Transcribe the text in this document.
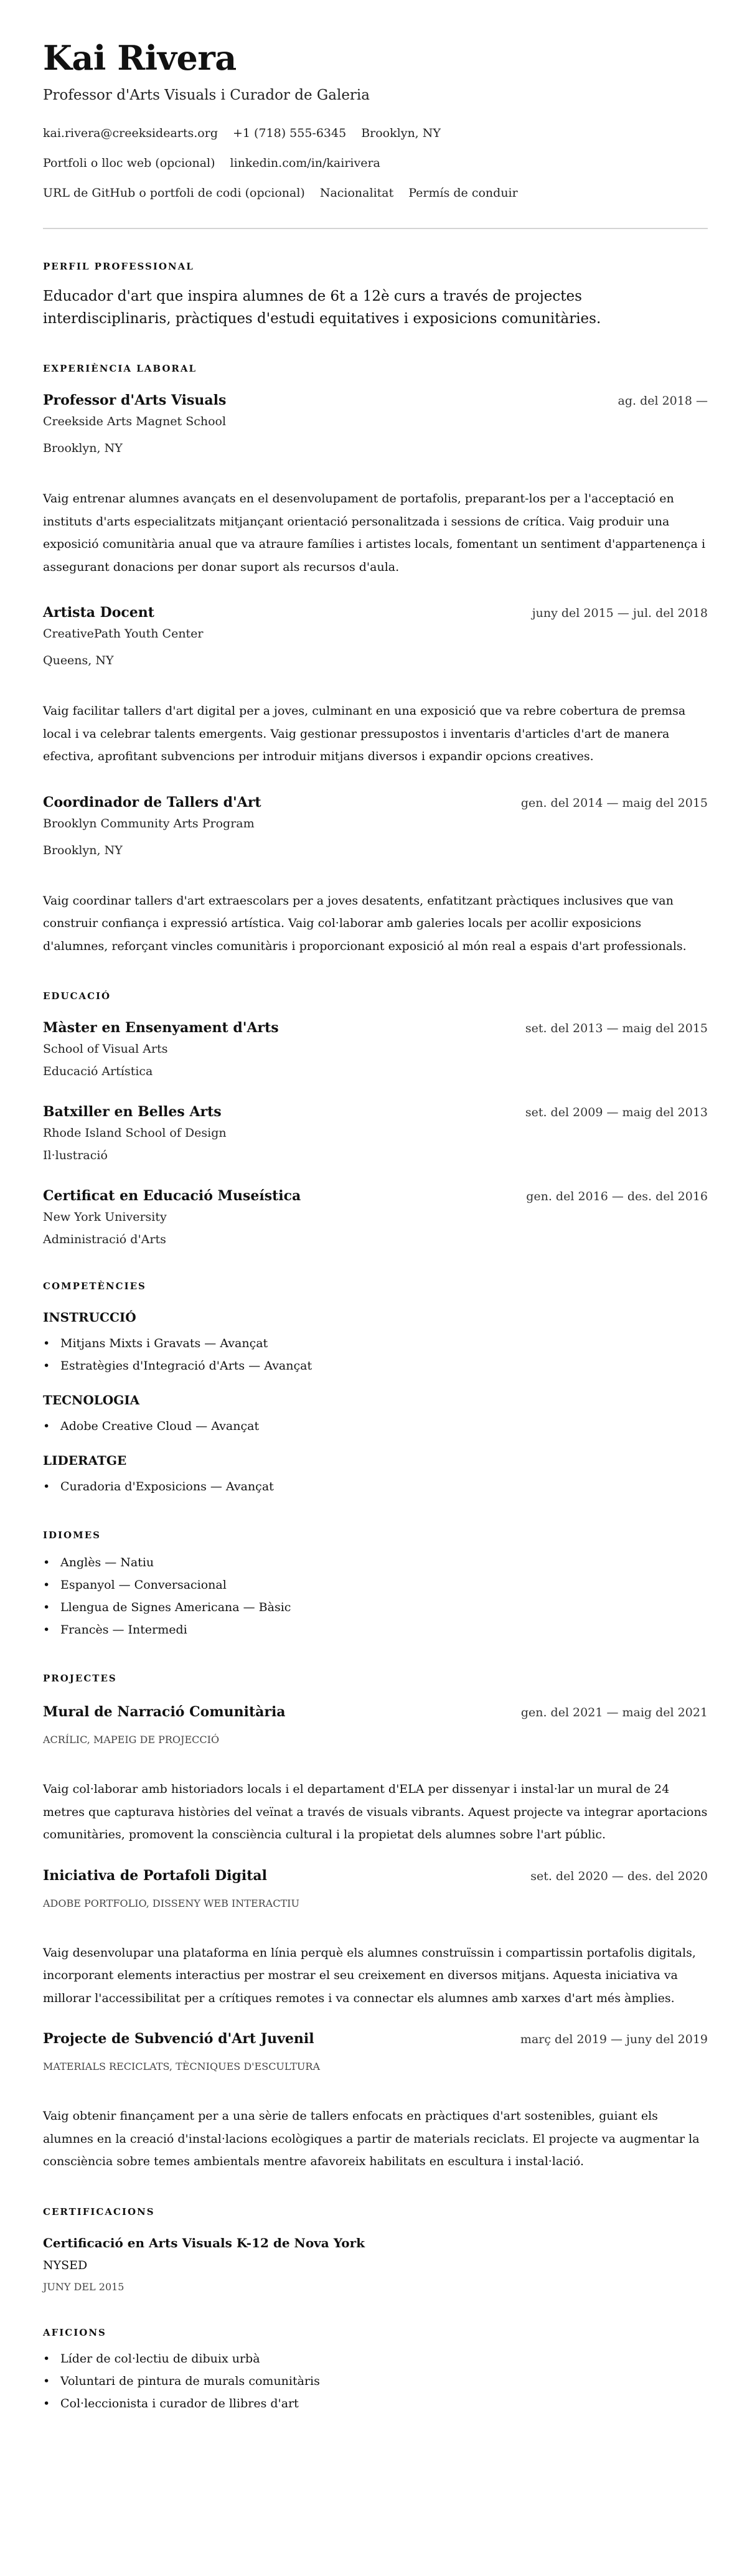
Kai Rivera
Professor d'Arts Visuals i Curador de Galeria
kai.rivera@creeksidearts.org +1 (718) 555-6345 Brooklyn, NY
Portfoli o lloc web (opcional) linkedin.com/in/kairivera
URL de GitHub o portfoli de codi (opcional) Nacionalitat Permís de conduir
PERFIL PROFESSIONAL

Educador d'art que inspira alumnes de 6t a 12è curs a través de projectes interdisciplinaris, pràctiques d'estudi equitatives i exposicions comunitàries.

EXPERIÈNCIA LABORAL
Professor d'Arts Visuals	ag. del 2018 —
Creekside Arts Magnet School
Brooklyn, NY
Vaig entrenar alumnes avançats en el desenvolupament de portafolis, preparant-los per a l'acceptació en instituts d'arts especialitzats mitjançant orientació personalitzada i sessions de crítica. Vaig produir una exposició comunitària anual que va atraure famílies i artistes locals, fomentant un sentiment d'appartenença i assegurant donacions per donar suport als recursos d'aula.
Artista Docent	juny del 2015 — jul. del 2018
CreativePath Youth Center
Queens, NY
Vaig facilitar tallers d'art digital per a joves, culminant en una exposició que va rebre cobertura de premsa local i va celebrar talents emergents. Vaig gestionar pressupostos i inventaris d'articles d'art de manera efectiva, aprofitant subvencions per introduir mitjans diversos i expandir opcions creatives.
Coordinador de Tallers d'Art	gen. del 2014 — maig del 2015
Brooklyn Community Arts Program
Brooklyn, NY
Vaig coordinar tallers d'art extraescolars per a joves desatents, enfatitzant pràctiques inclusives que van construir confiança i expressió artística. Vaig col·laborar amb galeries locals per acollir exposicions d'alumnes, reforçant vincles comunitàris i proporcionant exposició al món real a espais d'art professionals.
EDUCACIÓ
Màster en Ensenyament d'Arts	set. del 2013 — maig del 2015
School of Visual Arts
Educació Artística
Batxiller en Belles Arts	set. del 2009 — maig del 2013
Rhode Island School of Design
Il·lustració
Certificat en Educació Museística	gen. del 2016 — des. del 2016
New York University
Administració d'Arts
COMPETÈNCIES
INSTRUCCIÓ
• Mitjans Mixts i Gravats — Avançat
• Estratègies d'Integració d'Arts — Avançat
TECNOLOGIA
• Adobe Creative Cloud — Avançat
LIDERATGE
• Curadoria d'Exposicions — Avançat
IDIOMES
• Anglès — Natiu
• Espanyol — Conversacional
• Llengua de Signes Americana — Bàsic
• Francès — Intermedi
PROJECTES
Mural de Narració Comunitària	gen. del 2021 — maig del 2021
ACRÍLIC, MAPEIG DE PROJECCIÓ
Vaig col·laborar amb historiadors locals i el departament d'ELA per dissenyar i instal·lar un mural de 24 metres que capturava històries del veïnat a través de visuals vibrants. Aquest projecte va integrar aportacions comunitàries, promovent la consciència cultural i la propietat dels alumnes sobre l'art públic.
Iniciativa de Portafoli Digital	set. del 2020 — des. del 2020
ADOBE PORTFOLIO, DISSENY WEB INTERACTIU
Vaig desenvolupar una plataforma en línia perquè els alumnes construïssin i compartissin portafolis digitals, incorporant elements interactius per mostrar el seu creixement en diversos mitjans. Aquesta iniciativa va millorar l'accessibilitat per a crítiques remotes i va connectar els alumnes amb xarxes d'art més àmplies.
Projecte de Subvenció d'Art Juvenil	març del 2019 — juny del 2019
MATERIALS RECICLATS, TÈCNIQUES D'ESCULTURA
Vaig obtenir finançament per a una sèrie de tallers enfocats en pràctiques d'art sostenibles, guiant els alumnes en la creació d'instal·lacions ecològiques a partir de materials reciclats. El projecte va augmentar la consciència sobre temes ambientals mentre afavoreix habilitats en escultura i instal·lació.
CERTIFICACIONS
Certificació en Arts Visuals K-12 de Nova York
NYSED
JUNY DEL 2015
AFICIONS
• Líder de col·lectiu de dibuix urbà
• Voluntari de pintura de murals comunitàris
• Col·leccionista i curador de llibres d'art
